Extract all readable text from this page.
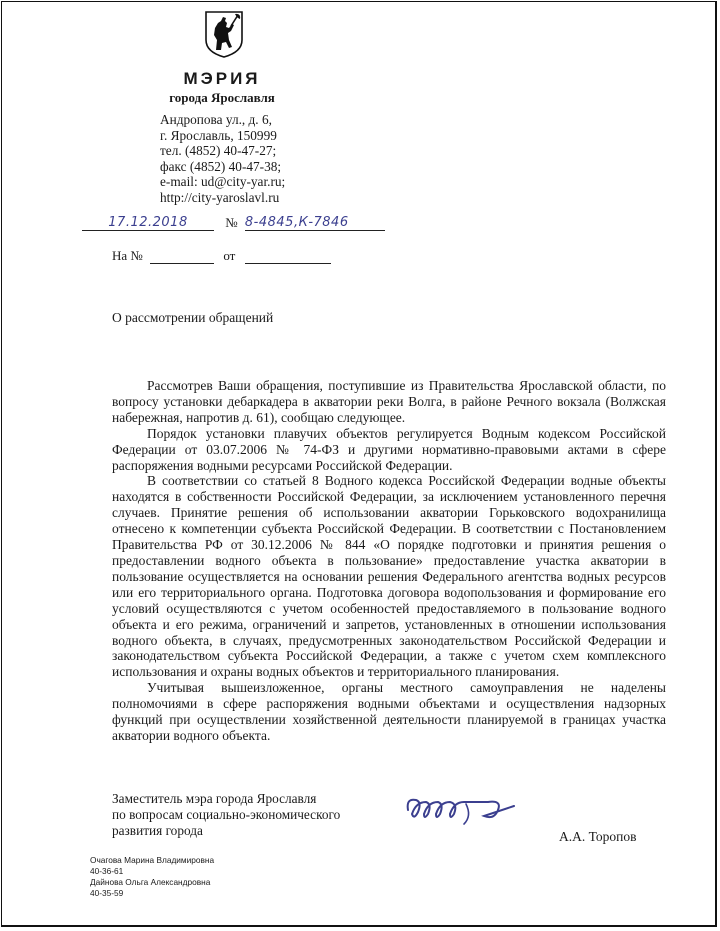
МЭРИЯ
города Ярославля
Андропова ул., д. 6,
г. Ярославль, 150999
тел. (4852) 40-47-27;
факс (4852) 40-47-38;
e-mail: ud@city-yar.ru;
http://city-yaroslavl.ru
17.12.2018	№ 8-4845,К-7846
На №	от
О рассмотрении обращений

Рассмотрев Ваши обращения, поступившие из Правительства Ярославской области, по вопросу установки дебаркадера в акватории реки Волга, в районе Речного вокзала (Волжская набережная, напротив д. 61), сообщаю следующее.

Порядок установки плавучих объектов регулируется Водным кодексом Российской Федерации от 03.07.2006 № 74-ФЗ и другими нормативно-правовыми актами в сфере распоряжения водными ресурсами Российской Федерации.

В соответствии со статьей 8 Водного кодекса Российской Федерации водные объекты находятся в собственности Российской Федерации, за исключением установленного перечня случаев. Принятие решения об использовании акватории Горьковского водохранилища отнесено к компетенции субъекта Российской Федерации. В соответствии с Постановлением Правительства РФ от 30.12.2006 № 844 «О порядке подготовки и принятия решения о предоставлении водного объекта в пользование» предоставление участка акватории в пользование осуществляется на основании решения Федерального агентства водных ресурсов или его территориального органа. Подготовка договора водопользования и формирование его условий осуществляются с учетом особенностей предоставляемого в пользование водного объекта и его режима, ограничений и запретов, установленных в отношении использования водного объекта, в случаях, предусмотренных законодательством Российской Федерации и законодательством субъекта Российской Федерации, а также с учетом схем комплексного использования и охраны водных объектов и территориального планирования.

Учитывая вышеизложенное, органы местного самоуправления не наделены полномочиями в сфере распоряжения водными объектами и осуществления надзорных функций при осуществлении хозяйственной деятельности планируемой в границах участка акватории водного объекта.

Заместитель мэра города Ярославля
по вопросам социально-экономического
развития города	А.А. Торопов
Очагова Марина Владимировна
40-36-61
Дайнова Ольга Александровна
40-35-59
